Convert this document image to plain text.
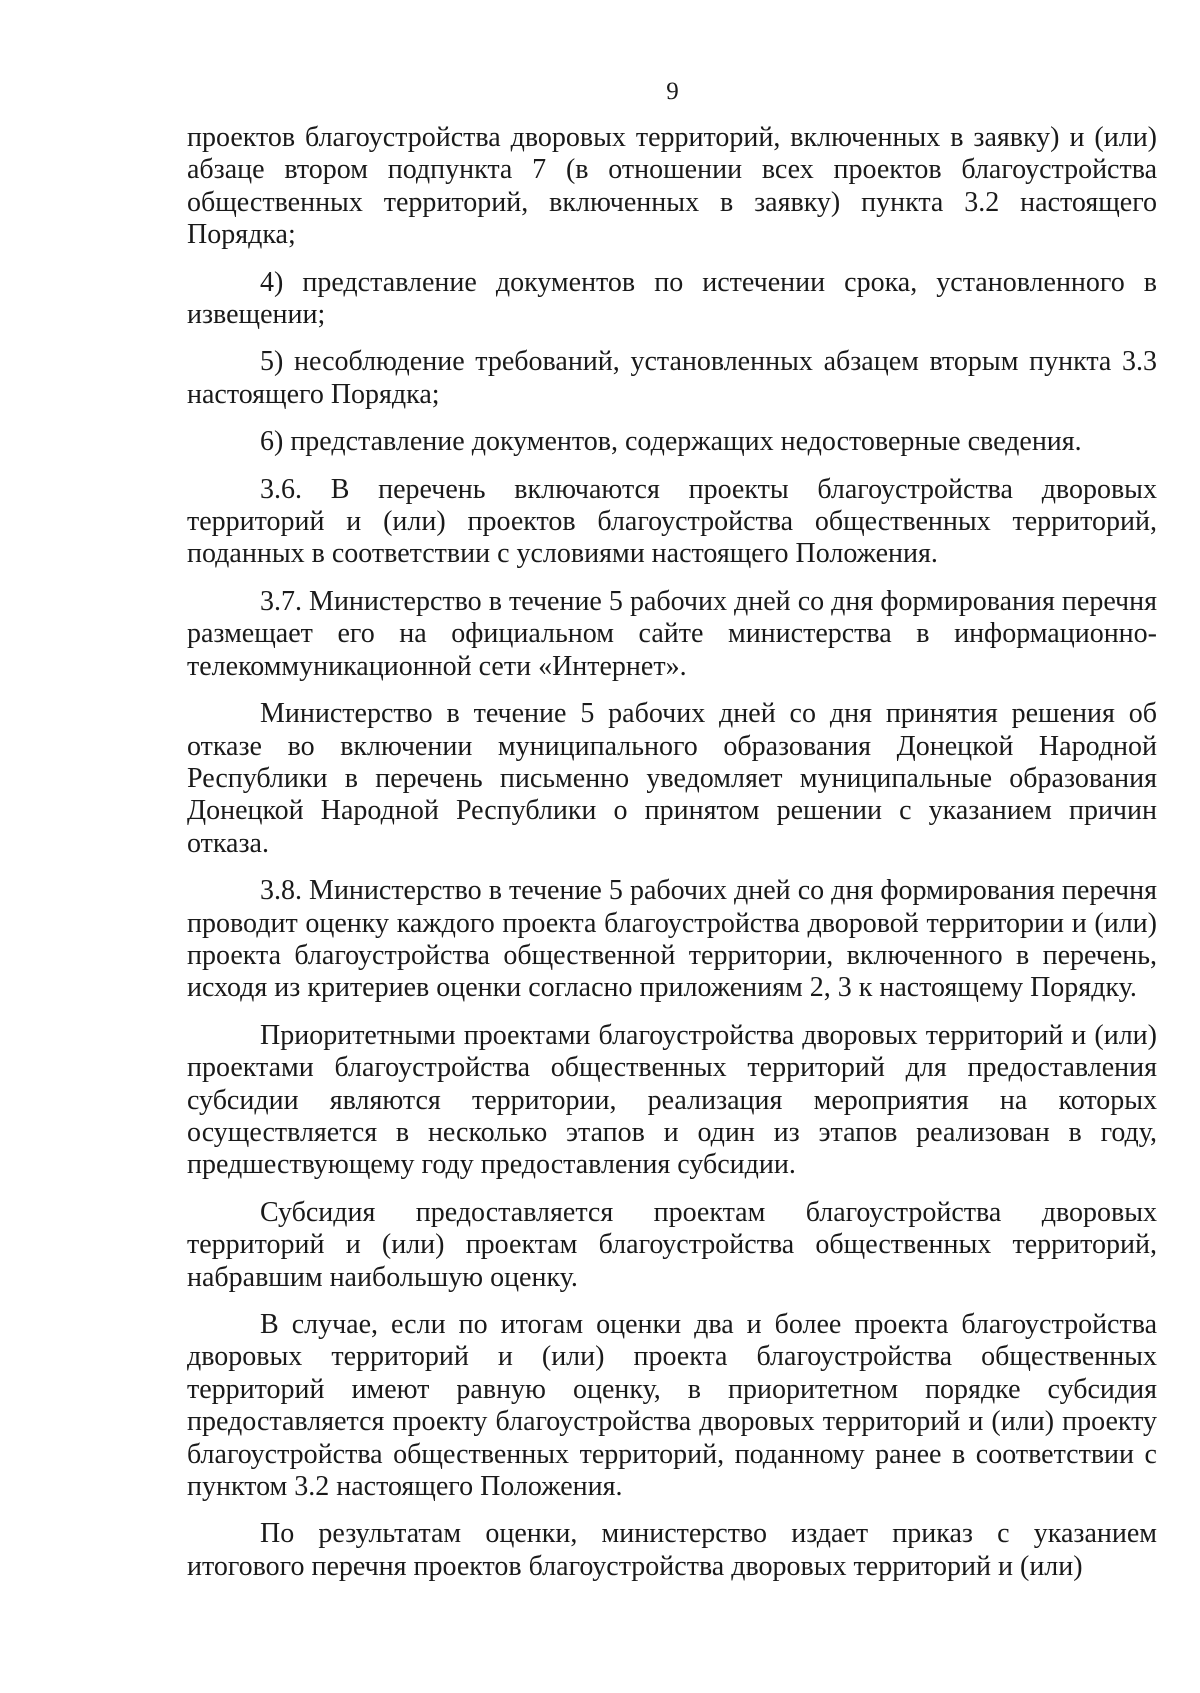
9

проектов благоустройства дворовых территорий, включенных в заявку) и (или) абзаце втором подпункта 7 (в отношении всех проектов благоустройства общественных территорий, включенных в заявку) пункта 3.2 настоящего Порядка;

4) представление документов по истечении срока, установленного в извещении;

5) несоблюдение требований, установленных абзацем вторым пункта 3.3 настоящего Порядка;

6) представление документов, содержащих недостоверные сведения.

3.6. В перечень включаются проекты благоустройства дворовых территорий и (или) проектов благоустройства общественных территорий, поданных в соответствии с условиями настоящего Положения.

3.7. Министерство в течение 5 рабочих дней со дня формирования перечня размещает его на официальном сайте министерства в информационно-телекоммуникационной сети «Интернет».

Министерство в течение 5 рабочих дней со дня принятия решения об отказе во включении муниципального образования Донецкой Народной Республики в перечень письменно уведомляет муниципальные образования Донецкой Народной Республики о принятом решении с указанием причин отказа.

3.8. Министерство в течение 5 рабочих дней со дня формирования перечня проводит оценку каждого проекта благоустройства дворовой территории и (или) проекта благоустройства общественной территории, включенного в перечень, исходя из критериев оценки согласно приложениям 2, 3 к настоящему Порядку.

Приоритетными проектами благоустройства дворовых территорий и (или) проектами благоустройства общественных территорий для предоставления субсидии являются территории, реализация мероприятия на которых осуществляется в несколько этапов и один из этапов реализован в году, предшествующему году предоставления субсидии.

Субсидия предоставляется проектам благоустройства дворовых территорий и (или) проектам благоустройства общественных территорий, набравшим наибольшую оценку.

В случае, если по итогам оценки два и более проекта благоустройства дворовых территорий и (или) проекта благоустройства общественных территорий имеют равную оценку, в приоритетном порядке субсидия предоставляется проекту благоустройства дворовых территорий и (или) проекту благоустройства общественных территорий, поданному ранее в соответствии с пунктом 3.2 настоящего Положения.

По результатам оценки, министерство издает приказ с указанием итогового перечня проектов благоустройства дворовых территорий и (или)
